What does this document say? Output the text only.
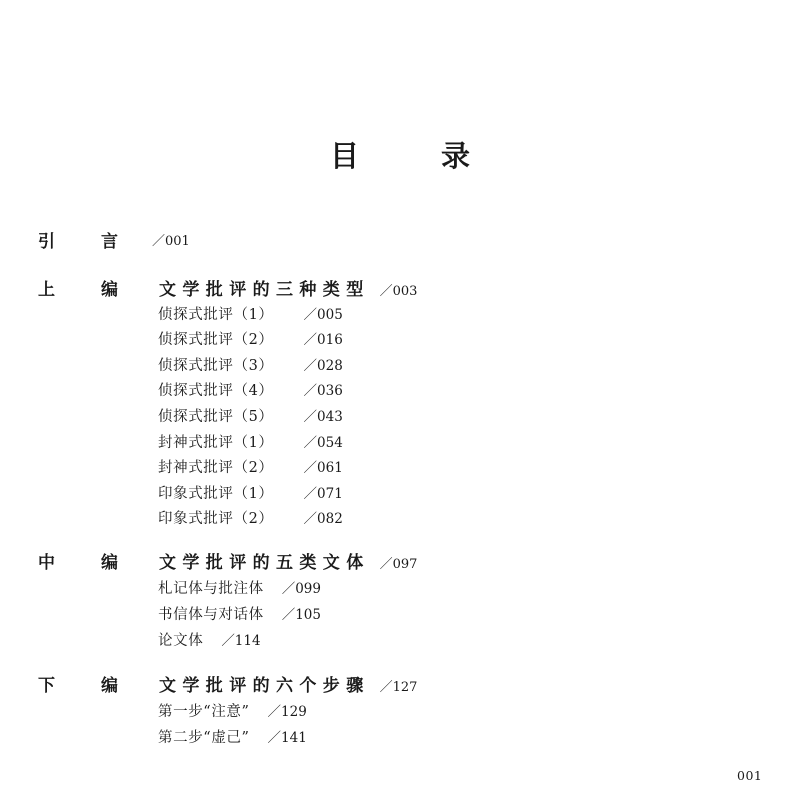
目	录
引	言	／001
上	编 文学批评的三种类型 ／003
侦探式批评（1） ／005
侦探式批评（2） ／016
侦探式批评（3） ／028
侦探式批评（4） ／036
侦探式批评（5） ／043
封神式批评（1） ／054
封神式批评（2） ／061
印象式批评（1） ／071
印象式批评（2） ／082
中	编 文学批评的五类文体 ／097
札记体与批注体 ／099
书信体与对话体 ／105
论文体 ／114
下	编 文学批评的六个步骤 ／127
第一步“注意” ／129
第二步“虚己” ／141
001
